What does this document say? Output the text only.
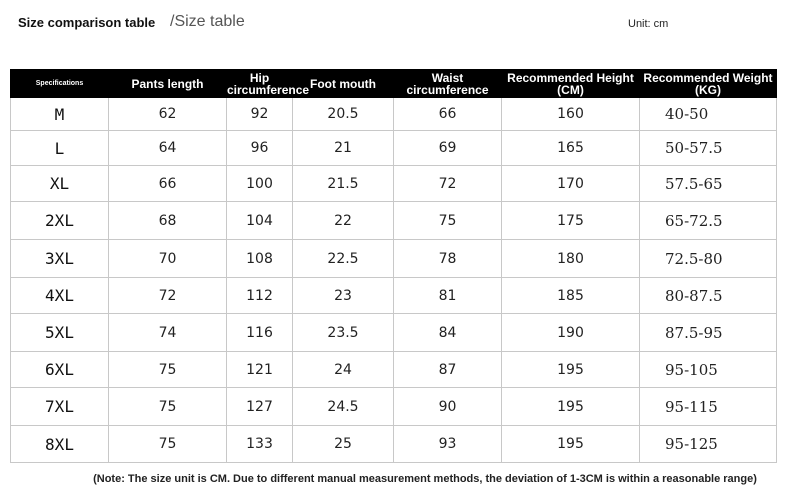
Size comparison table /Size table	Unit: cm
Specifications	Pants length	Hip circumference	Foot mouth	Waist circumference	Recommended Height (CM)	Recommended Weight (KG)
M	62	92	20.5	66	160	40-50
L	64	96	21	69	165	50-57.5
XL	66	100	21.5	72	170	57.5-65
2XL	68	104	22	75	175	65-72.5
3XL	70	108	22.5	78	180	72.5-80
4XL	72	112	23	81	185	80-87.5
5XL	74	116	23.5	84	190	87.5-95
6XL	75	121	24	87	195	95-105
7XL	75	127	24.5	90	195	95-115
8XL	75	133	25	93	195	95-125
(Note: The size unit is CM. Due to different manual measurement methods, the deviation of 1-3CM is within a reasonable range)
